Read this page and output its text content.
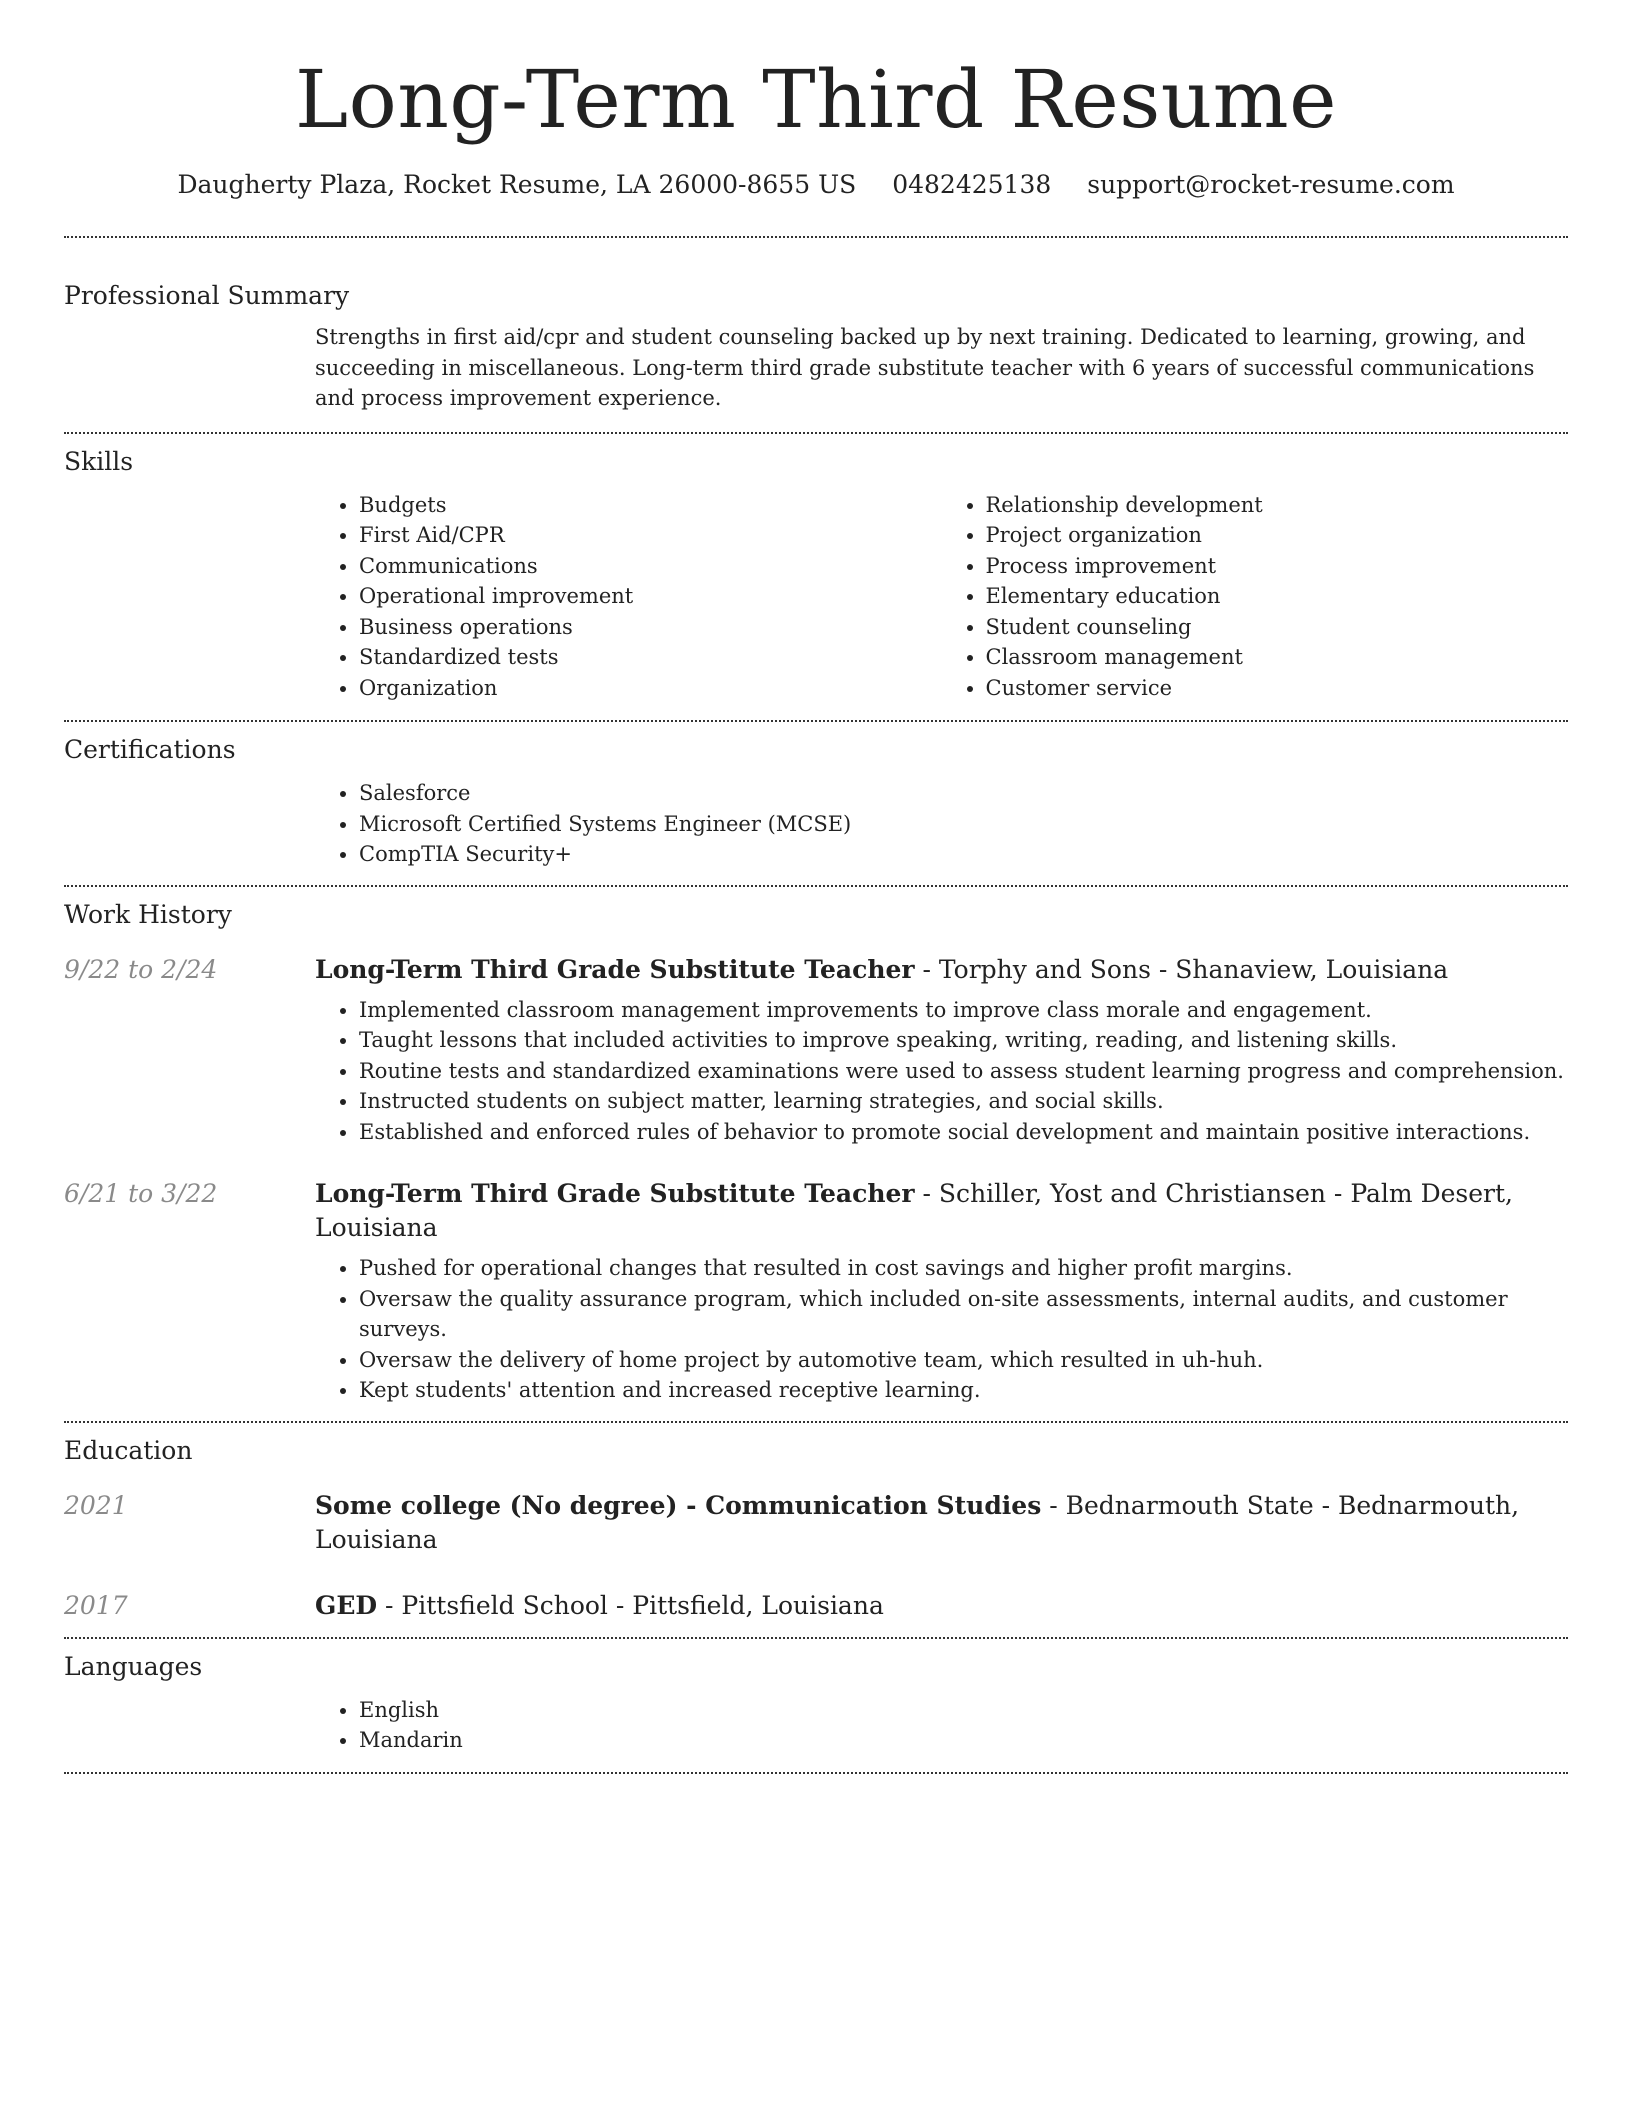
Long-Term Third Resume
Daugherty Plaza, Rocket Resume, LA 26000-8655 US 0482425138 support@rocket-resume.com
Professional Summary

Strengths in first aid/cpr and student counseling backed up by next training. Dedicated to learning, growing, and succeeding in miscellaneous. Long-term third grade substitute teacher with 6 years of successful communications and process improvement experience.

Skills
• Budgets
• First Aid/CPR
• Communications
• Operational improvement
• Business operations
• Standardized tests
• Organization
• Relationship development
• Project organization
• Process improvement
• Elementary education
• Student counseling
• Classroom management
• Customer service
Certifications
• Salesforce
• Microsoft Certified Systems Engineer (MCSE)
• CompTIA Security+
Work History
9/22 to 2/24	Long-Term Third Grade Substitute Teacher - Torphy and Sons - Shanaview, Louisiana
• Implemented classroom management improvements to improve class morale and engagement.
• Taught lessons that included activities to improve speaking, writing, reading, and listening skills.
• Routine tests and standardized examinations were used to assess student learning progress and comprehension.
• Instructed students on subject matter, learning strategies, and social skills.
• Established and enforced rules of behavior to promote social development and maintain positive interactions.
6/21 to 3/22	Long-Term Third Grade Substitute Teacher - Schiller, Yost and Christiansen - Palm Desert, Louisiana
• Pushed for operational changes that resulted in cost savings and higher profit margins.
• Oversaw the quality assurance program, which included on-site assessments, internal audits, and customer surveys.
• Oversaw the delivery of home project by automotive team, which resulted in uh-huh.
• Kept students' attention and increased receptive learning.
Education
2021	Some college (No degree) - Communication Studies - Bednarmouth State - Bednarmouth, Louisiana
2017	GED - Pittsfield School - Pittsfield, Louisiana
Languages
• English
• Mandarin
